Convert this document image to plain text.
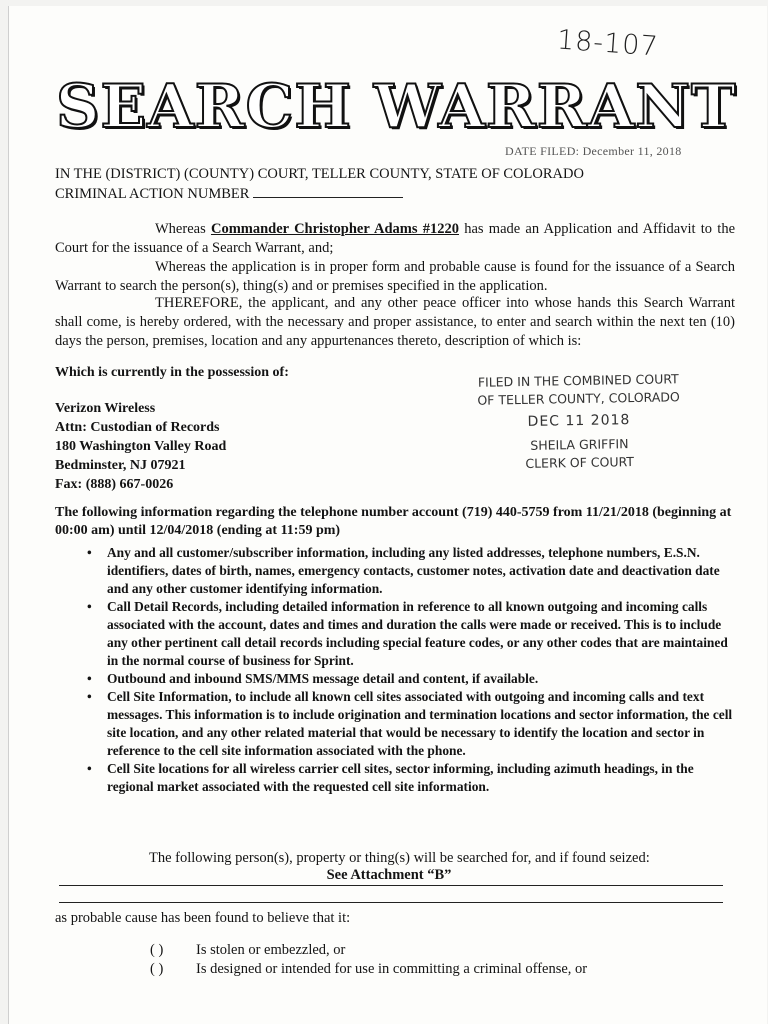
18-107
SEARCH WARRANT
DATE FILED: December 11, 2018
IN THE (DISTRICT) (COUNTY) COURT, TELLER COUNTY, STATE OF COLORADO
CRIMINAL ACTION NUMBER
Whereas Commander Christopher Adams #1220 has made an Application and Affidavit to the Court for the issuance of a Search Warrant, and;
Whereas the application is in proper form and probable cause is found for the issuance of a Search Warrant to search the person(s), thing(s) and or premises specified in the application.
THEREFORE, the applicant, and any other peace officer into whose hands this Search Warrant shall come, is hereby ordered, with the necessary and proper assistance, to enter and search within the next ten (10) days the person, premises, location and any appurtenances thereto, description of which is:
Which is currently in the possession of:
Verizon Wireless
Attn: Custodian of Records
180 Washington Valley Road
Bedminster, NJ 07921
Fax: (888) 667-0026
FILED IN THE COMBINED COURT
OF TELLER COUNTY, COLORADO
DEC 11 2018
SHEILA GRIFFIN
CLERK OF COURT
The following information regarding the telephone number account (719) 440-5759 from 11/21/2018 (beginning at 00:00 am) until 12/04/2018 (ending at 11:59 pm)
• Any and all customer/subscriber information, including any listed addresses, telephone numbers, E.S.N. identifiers, dates of birth, names, emergency contacts, customer notes, activation date and deactivation date and any other customer identifying information.
• Call Detail Records, including detailed information in reference to all known outgoing and incoming calls associated with the account, dates and times and duration the calls were made or received. This is to include any other pertinent call detail records including special feature codes, or any other codes that are maintained in the normal course of business for Sprint.
• Outbound and inbound SMS/MMS message detail and content, if available.
• Cell Site Information, to include all known cell sites associated with outgoing and incoming calls and text messages. This information is to include origination and termination locations and sector information, the cell site location, and any other related material that would be necessary to identify the location and sector in reference to the cell site information associated with the phone.
• Cell Site locations for all wireless carrier cell sites, sector informing, including azimuth headings, in the regional market associated with the requested cell site information.
The following person(s), property or thing(s) will be searched for, and if found seized:
See Attachment “B”
as probable cause has been found to believe that it:
( ) Is stolen or embezzled, or
( ) Is designed or intended for use in committing a criminal offense, or
